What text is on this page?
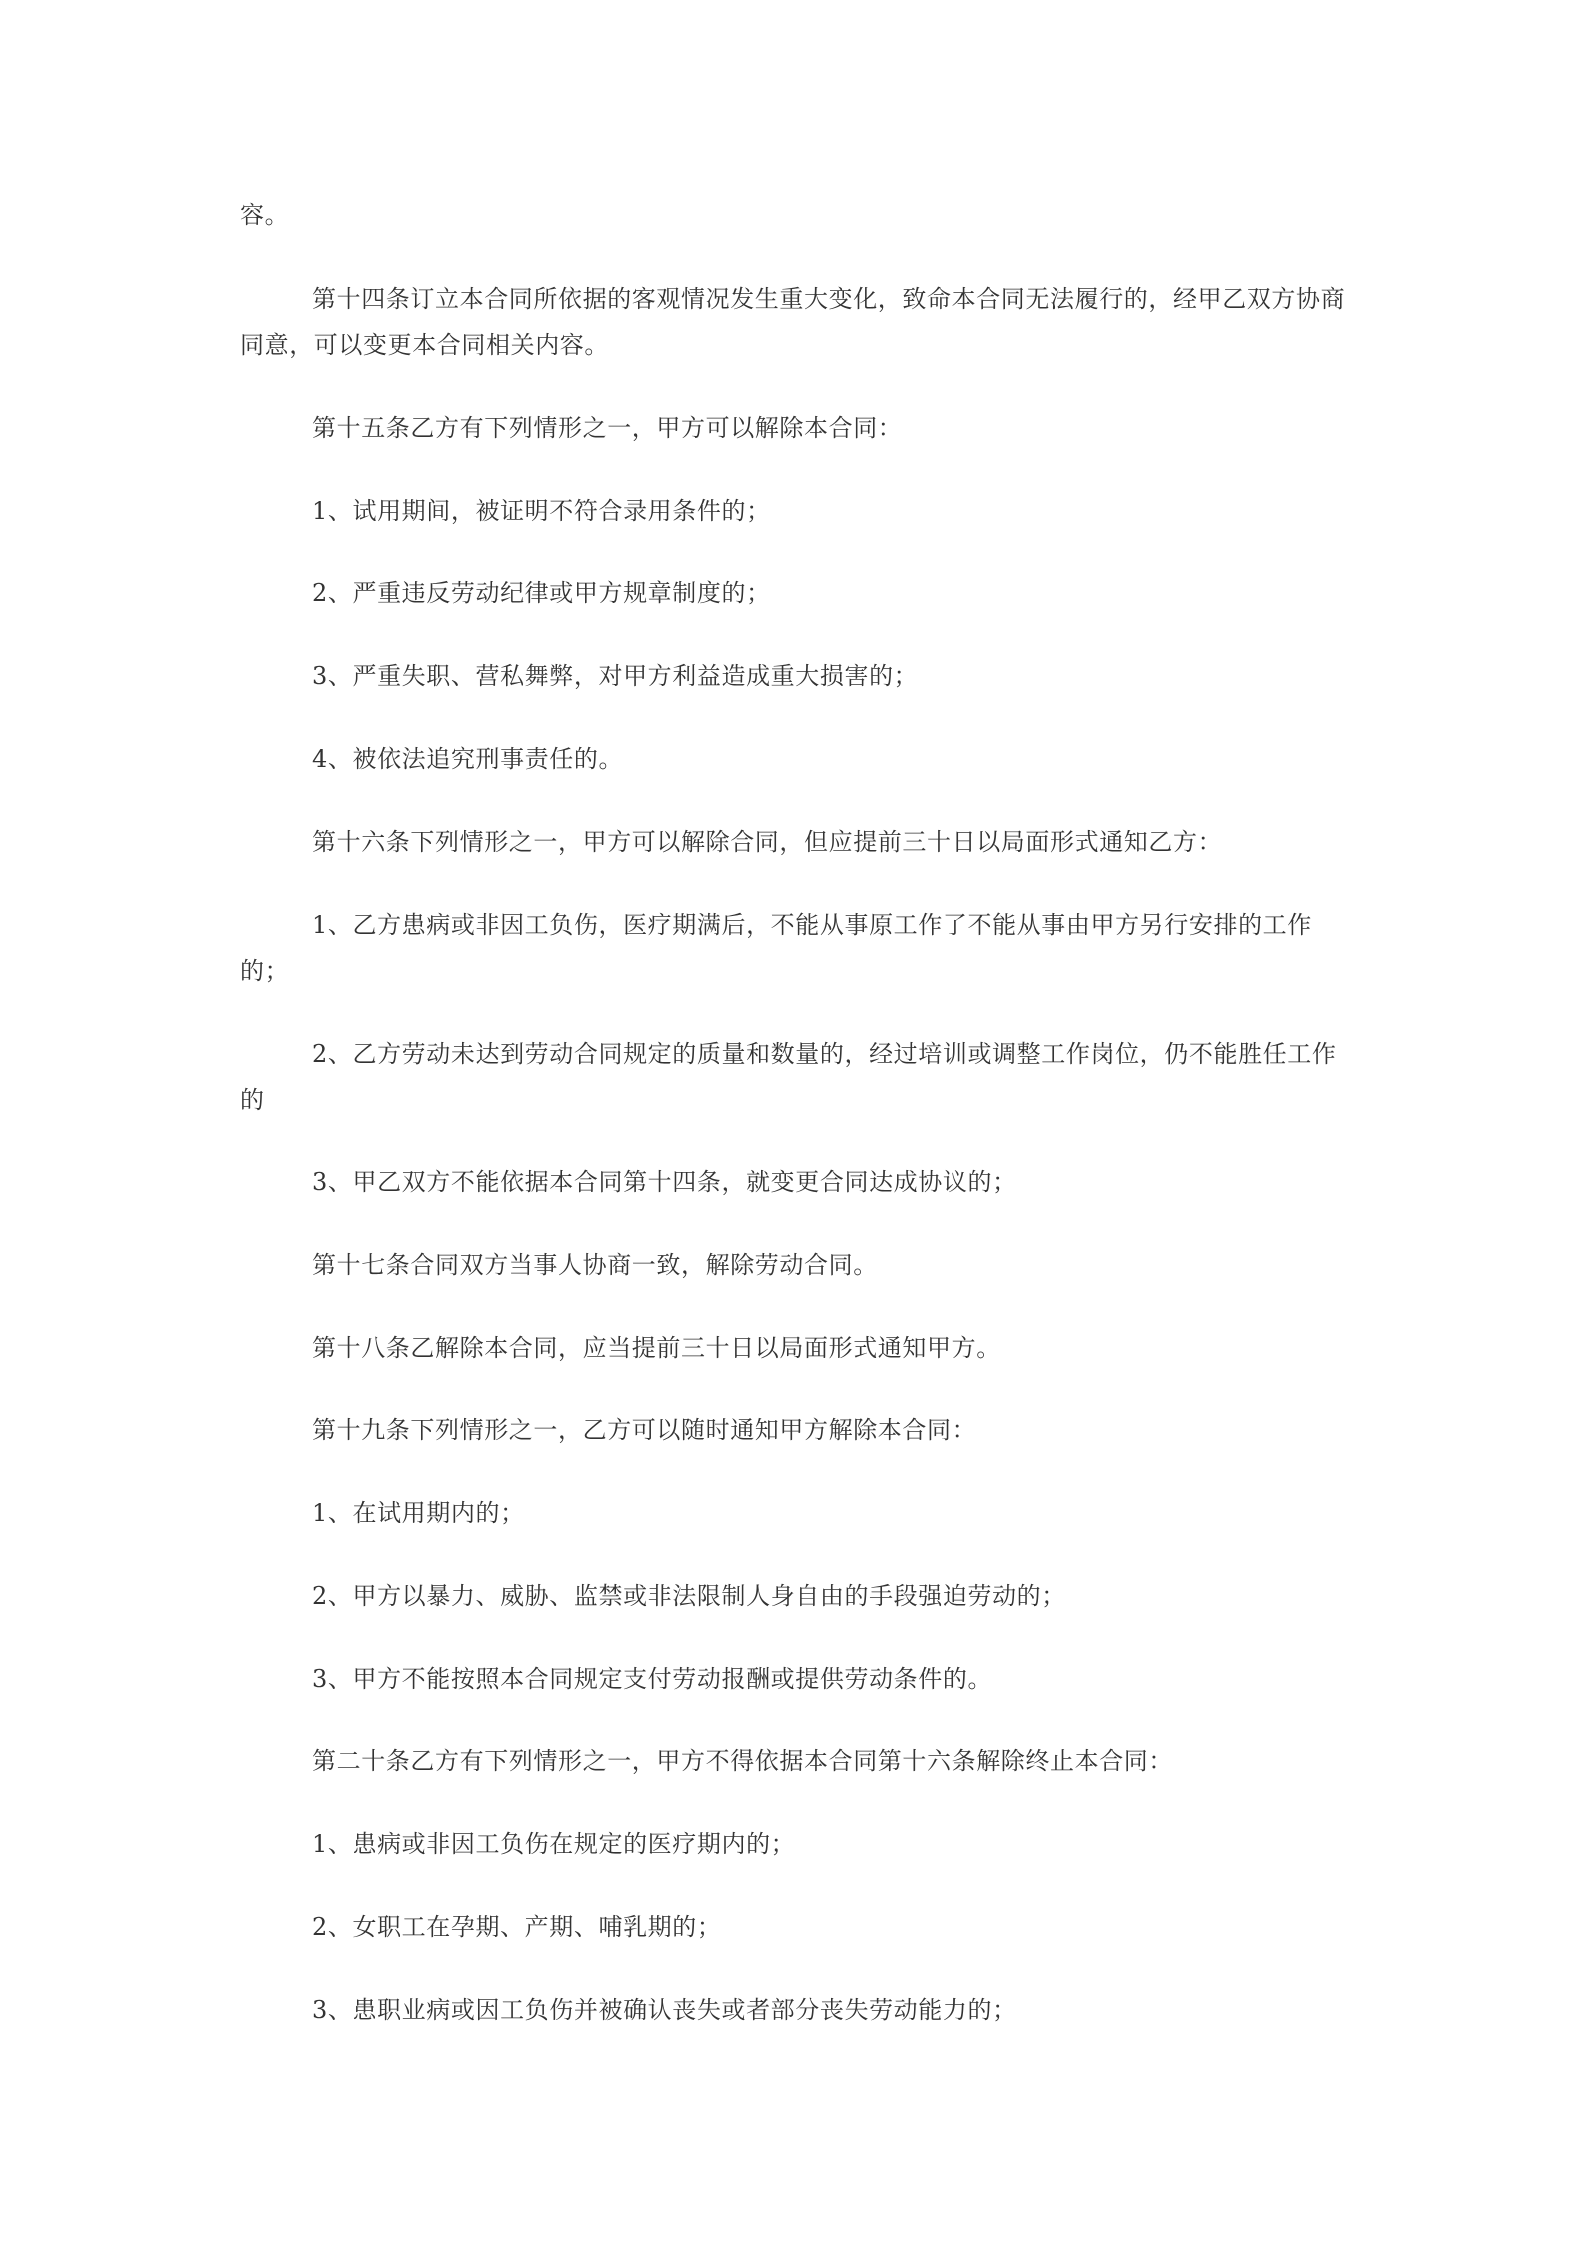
容。

第十四条订立本合同所依据的客观情况发生重大变化，致命本合同无法履行的，经甲乙双方协商同意，可以变更本合同相关内容。

第十五条乙方有下列情形之一，甲方可以解除本合同：

1、试用期间，被证明不符合录用条件的；

2、严重违反劳动纪律或甲方规章制度的；

3、严重失职、营私舞弊，对甲方利益造成重大损害的；

4、被依法追究刑事责任的。

第十六条下列情形之一，甲方可以解除合同，但应提前三十日以局面形式通知乙方：

1、乙方患病或非因工负伤，医疗期满后，不能从事原工作了不能从事由甲方另行安排的工作的；

2、乙方劳动未达到劳动合同规定的质量和数量的，经过培训或调整工作岗位，仍不能胜任工作的

3、甲乙双方不能依据本合同第十四条，就变更合同达成协议的；

第十七条合同双方当事人协商一致，解除劳动合同。

第十八条乙解除本合同，应当提前三十日以局面形式通知甲方。

第十九条下列情形之一，乙方可以随时通知甲方解除本合同：

1、在试用期内的；

2、甲方以暴力、威胁、监禁或非法限制人身自由的手段强迫劳动的；

3、甲方不能按照本合同规定支付劳动报酬或提供劳动条件的。

第二十条乙方有下列情形之一，甲方不得依据本合同第十六条解除终止本合同：

1、患病或非因工负伤在规定的医疗期内的；

2、女职工在孕期、产期、哺乳期的；

3、患职业病或因工负伤并被确认丧失或者部分丧失劳动能力的；
